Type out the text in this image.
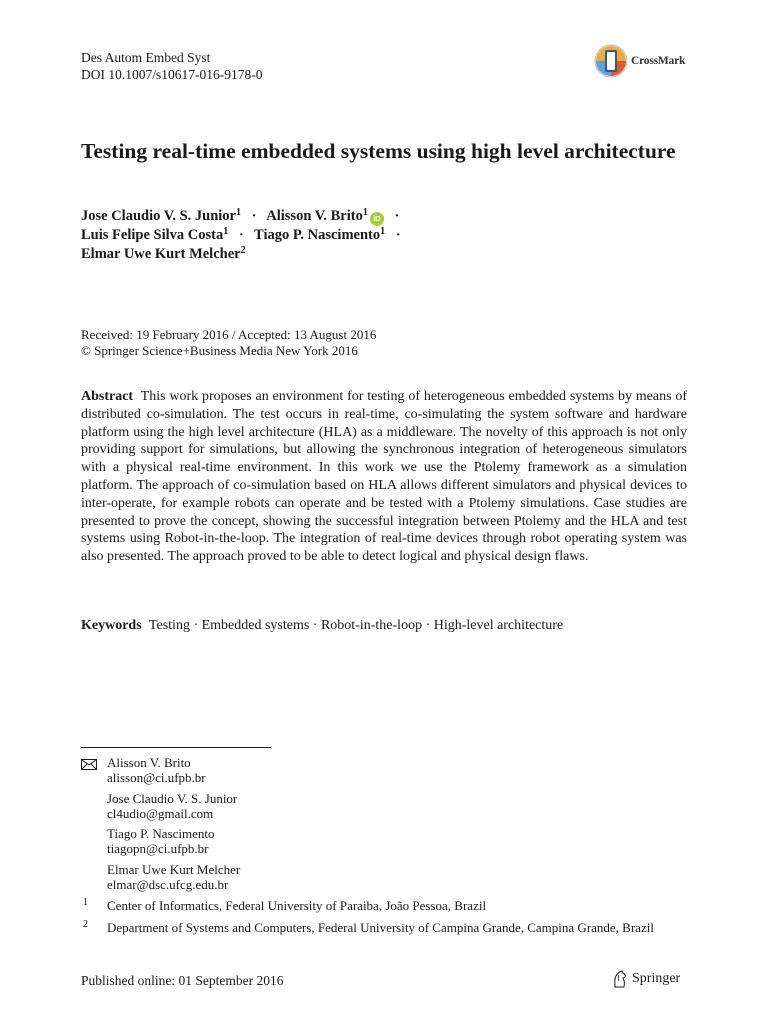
Des Autom Embed Syst
DOI 10.1007/s10617-016-9178-0
CrossMark
Testing real-time embedded systems using high level architecture
Jose Claudio V. S. Junior$^1$ · Alisson V. Brito$^1$iD ·
Luis Felipe Silva Costa$^1$ · Tiago P. Nascimento$^1$ ·
Elmar Uwe Kurt Melcher$^2$
Received: 19 February 2016 / Accepted: 13 August 2016
© Springer Science+Business Media New York 2016
Abstract This work proposes an environment for testing of heterogeneous embedded systems by means of distributed co-simulation. The test occurs in real-time, co-simulating the system software and hardware platform using the high level architecture (HLA) as a middleware. The novelty of this approach is not only providing support for simulations, but allowing the synchronous integration of heterogeneous simulators with a physical real-time environment. In this work we use the Ptolemy framework as a simulation platform. The approach of co-simulation based on HLA allows different simulators and physical devices to inter-operate, for example robots can operate and be tested with a Ptolemy simulations. Case studies are presented to prove the concept, showing the successful integration between Ptolemy and the HLA and test systems using Robot-in-the-loop. The integration of real-time devices through robot operating system was also presented. The approach proved to be able to detect logical and physical design flaws.
Keywords Testing · Embedded systems · Robot-in-the-loop · High-level architecture
Alisson V. Brito
alisson@ci.ufpb.br
Jose Claudio V. S. Junior
cl4udio@gmail.com
Tiago P. Nascimento
tiagopn@ci.ufpb.br
Elmar Uwe Kurt Melcher
elmar@dsc.ufcg.edu.br
1 Center of Informatics, Federal University of Paraiba, João Pessoa, Brazil
2 Department of Systems and Computers, Federal University of Campina Grande, Campina Grande, Brazil
Published online: 01 September 2016	Springer
